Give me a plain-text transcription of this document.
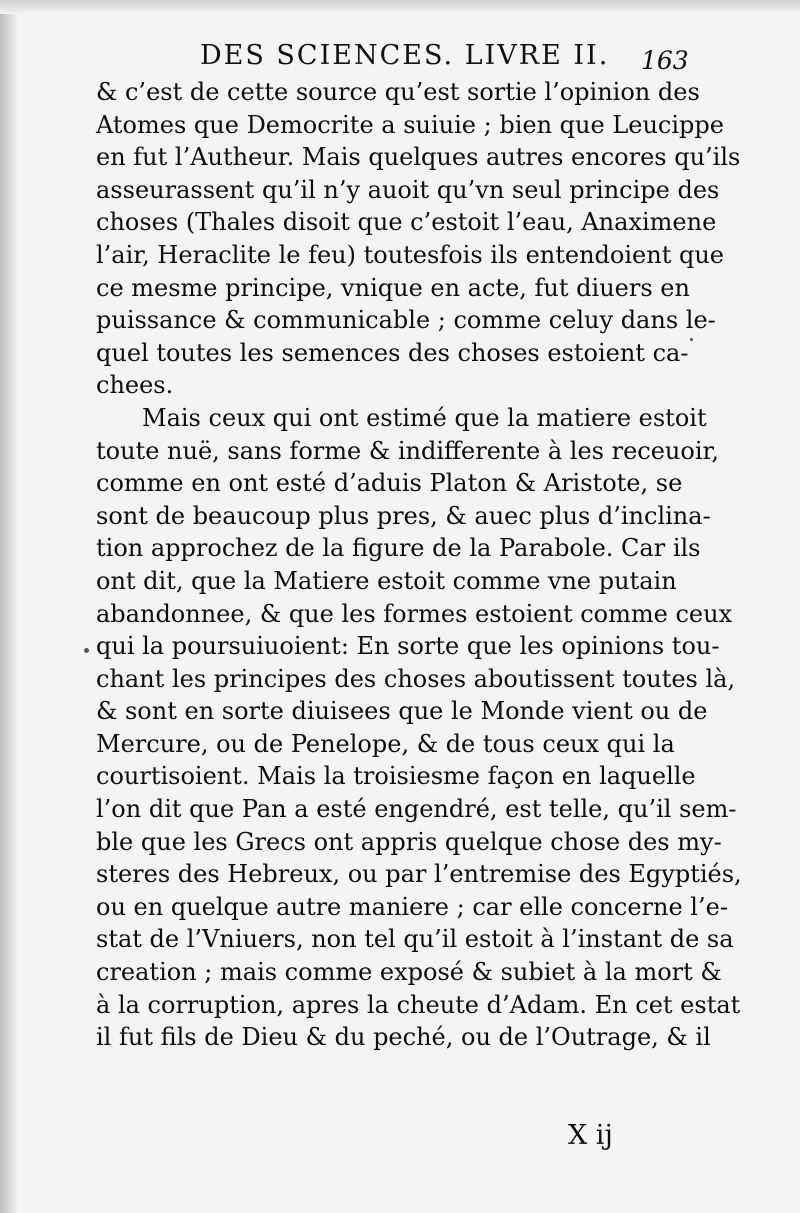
DES SCIENCES. LIVRE II. 163
& c’est de cette source qu’est sortie l’opinion des
Atomes que Democrite a suiuie ; bien que Leucippe
en fut l’Autheur. Mais quelques autres encores qu’ils
asseurassent qu’il n’y auoit qu’vn seul principe des
choses (Thales disoit que c’estoit l’eau, Anaximene
l’air, Heraclite le feu) toutesfois ils entendoient que
ce mesme principe, vnique en acte, fut diuers en
puissance & communicable ; comme celuy dans le-
quel toutes les semences des choses estoient ca-
chees.
Mais ceux qui ont estimé que la matiere estoit
toute nuë, sans forme & indifferente à les receuoir,
comme en ont esté d’aduis Platon & Aristote, se
sont de beaucoup plus pres, & auec plus d’inclina-
tion approchez de la figure de la Parabole. Car ils
ont dit, que la Matiere estoit comme vne putain
abandonnee, & que les formes estoient comme ceux
qui la poursuiuoient: En sorte que les opinions tou-
chant les principes des choses aboutissent toutes là,
& sont en sorte diuisees que le Monde vient ou de
Mercure, ou de Penelope, & de tous ceux qui la
courtisoient. Mais la troisiesme façon en laquelle
l’on dit que Pan a esté engendré, est telle, qu’il sem-
ble que les Grecs ont appris quelque chose des my-
steres des Hebreux, ou par l’entremise des Egyptiés,
ou en quelque autre maniere ; car elle concerne l’e-
stat de l’Vniuers, non tel qu’il estoit à l’instant de sa
creation ; mais comme exposé & subiet à la mort &
à la corruption, apres la cheute d’Adam. En cet estat
il fut fils de Dieu & du peché, ou de l’Outrage, & il
X ij
